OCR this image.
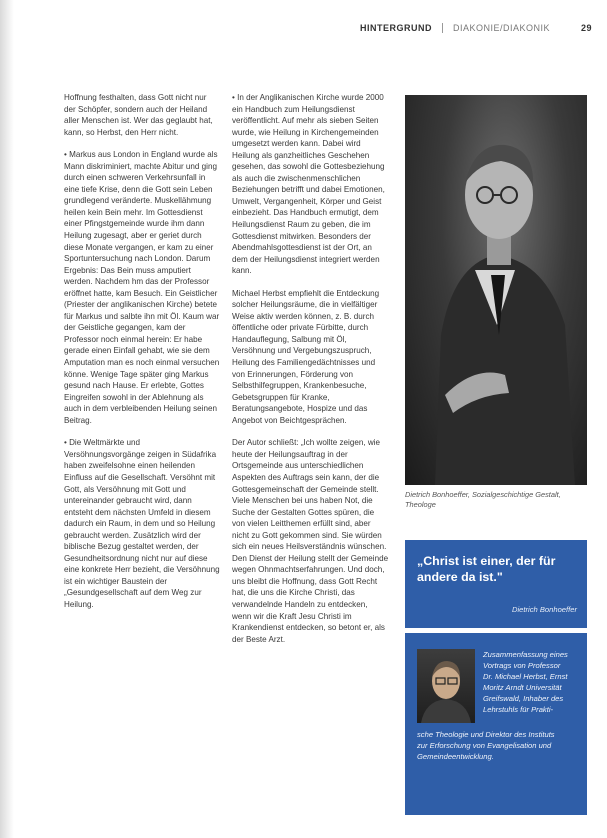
HINTERGRUND DIAKONIE/DIAKONIK	29

Hoffnung festhalten, dass Gott nicht nur der Schöpfer, sondern auch der Heiland aller Menschen ist. Wer das geglaubt hat, kann, so Herbst, den Herr nicht.

• Markus aus London in England wurde als Mann diskriminiert, machte Abitur und ging durch einen schweren Verkehrsunfall in eine tiefe Krise, denn die Gott sein Leben grundlegend veränderte. Muskellähmung heilen kein Bein mehr. Im Gottesdienst einer Pfingstgemeinde wurde ihm dann Heilung zugesagt, aber er geriet durch diese Monate vergangen, er kam zu einer Sportuntersuchung nach London. Darum Ergebnis: Das Bein muss amputiert werden. Nachdem hm das der Professor eröffnet hatte, kam Besuch. Ein Geistlicher (Priester der anglikanischen Kirche) betete für Markus und salbte ihn mit Öl. Kaum war der Geistliche gegangen, kam der Professor noch einmal herein: Er habe gerade einen Einfall gehabt, wie sie dem Amputation man es noch einmal versuchen könne. Wenige Tage später ging Markus gesund nach Hause. Er erlebte, Gottes Eingreifen sowohl in der Ablehnung als auch in dem verbleibenden Heilung seinen Beitrag.

• Die Weltmärkte und Versöhnungsvorgänge zeigen in Südafrika haben zweifelsohne einen heilenden Einfluss auf die Gesellschaft. Versöhnt mit Gott, als Versöhnung mit Gott und untereinander gebraucht wird, dann entsteht dem nächsten Umfeld in diesem dadurch ein Raum, in dem und so Heilung gebraucht werden. Zusätzlich wird der biblische Bezug gestaltet werden, der Gesundheitsordnung nicht nur auf diese eine konkrete Herr bezieht, die Versöhnung ist ein wichtiger Baustein der „Gesundgesellschaft auf dem Weg zur Heilung.

• In der Anglikanischen Kirche wurde 2000 ein Handbuch zum Heilungsdienst veröffentlicht. Auf mehr als sieben Seiten wurde, wie Heilung in Kirchengemeinden umgesetzt werden kann. Dabei wird Heilung als ganzheitliches Geschehen gesehen, das sowohl die Gottesbeziehung als auch die zwischenmenschlichen Beziehungen betrifft und dabei Emotionen, Umwelt, Vergangenheit, Körper und Geist einbezieht. Das Handbuch ermutigt, dem Heilungsdienst Raum zu geben, die im Gottesdienst mitwirken. Besonders der Abendmahlsgottesdienst ist der Ort, an dem der Heilungsdienst integriert werden kann.

Michael Herbst empfiehlt die Entdeckung solcher Heilungsräume, die in vielfältiger Weise aktiv werden können, z. B. durch öffentliche oder private Fürbitte, durch Handauflegung, Salbung mit Öl, Versöhnung und Vergebungszuspruch, Heilung des Familiengedächtnisses und von Erinnerungen, Förderung von Selbsthilfegruppen, Krankenbesuche, Gebetsgruppen für Kranke, Beratungsangebote, Hospize und das Angebot von Beichtgesprächen.

Der Autor schließt: „Ich wollte zeigen, wie heute der Heilungsauftrag in der Ortsgemeinde aus unterschiedlichen Aspekten des Auftrags sein kann, der die Gottesgemeinschaft der Gemeinde stellt. Viele Menschen bei uns haben Not, die Suche der Gestalten Gottes spüren, die von vielen Leitthemen erfüllt sind, aber nicht zu Gott gekommen sind. Sie würden sich ein neues Heilsverständnis wünschen. Den Dienst der Heilung stellt der Gemeinde wegen Ohnmachtserfahrungen. Und doch, uns bleibt die Hoffnung, dass Gott Recht hat, die uns die Kirche Christi, das verwandelnde Handeln zu entdecken, wenn wir die Kraft Jesu Christi im Krankendienst entdecken, so betont er, als der Beste Arzt.

Dietrich Bonhoeffer, Sozialgeschichtige Gestalt, Theologe
„Christ ist einer, der für andere da ist."
Dietrich Bonhoeffer
Zusammenfassung eines
Vortrags von Professor
Dr. Michael Herbst, Ernst
Moritz Arndt Universität
Greifswald, Inhaber des
Lehrstuhls für Prakti-
sche Theologie und Direktor des Instituts
zur Erforschung von Evangelisation und
Gemeindeentwicklung.
